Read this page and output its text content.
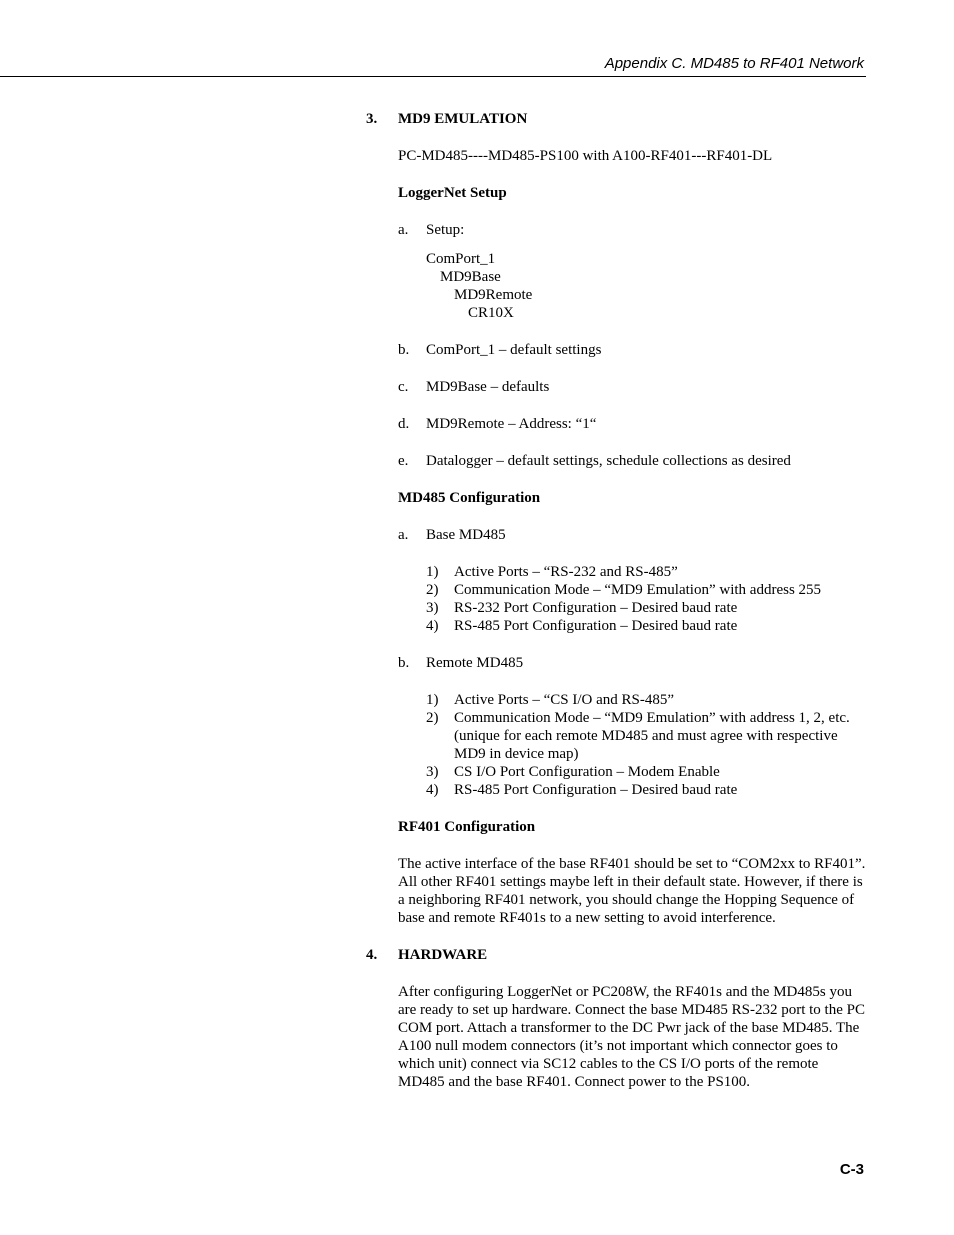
Appendix C. MD485 to RF401 Network
3. MD9 EMULATION
PC-MD485----MD485-PS100 with A100-RF401---RF401-DL
LoggerNet Setup
a. Setup:
ComPort_1
MD9Base
MD9Remote
CR10X
b. ComPort_1 – default settings
c. MD9Base – defaults
d. MD9Remote – Address: “1“
e. Datalogger – default settings, schedule collections as desired
MD485 Configuration
a. Base MD485
1) Active Ports – “RS-232 and RS-485”
2) Communication Mode – “MD9 Emulation” with address 255
3) RS-232 Port Configuration – Desired baud rate
4) RS-485 Port Configuration – Desired baud rate
b. Remote MD485
1) Active Ports – “CS I/O and RS-485”
2) Communication Mode – “MD9 Emulation” with address 1, 2, etc. (unique for each remote MD485 and must agree with respective MD9 in device map)
3) CS I/O Port Configuration – Modem Enable
4) RS-485 Port Configuration – Desired baud rate
RF401 Configuration
The active interface of the base RF401 should be set to “COM2xx to RF401”. All other RF401 settings maybe left in their default state. However, if there is a neighboring RF401 network, you should change the Hopping Sequence of base and remote RF401s to a new setting to avoid interference.
4. HARDWARE
After configuring LoggerNet or PC208W, the RF401s and the MD485s you are ready to set up hardware. Connect the base MD485 RS-232 port to the PC COM port. Attach a transformer to the DC Pwr jack of the base MD485. The A100 null modem connectors (it’s not important which connector goes to which unit) connect via SC12 cables to the CS I/O ports of the remote MD485 and the base RF401. Connect power to the PS100.
C-3
